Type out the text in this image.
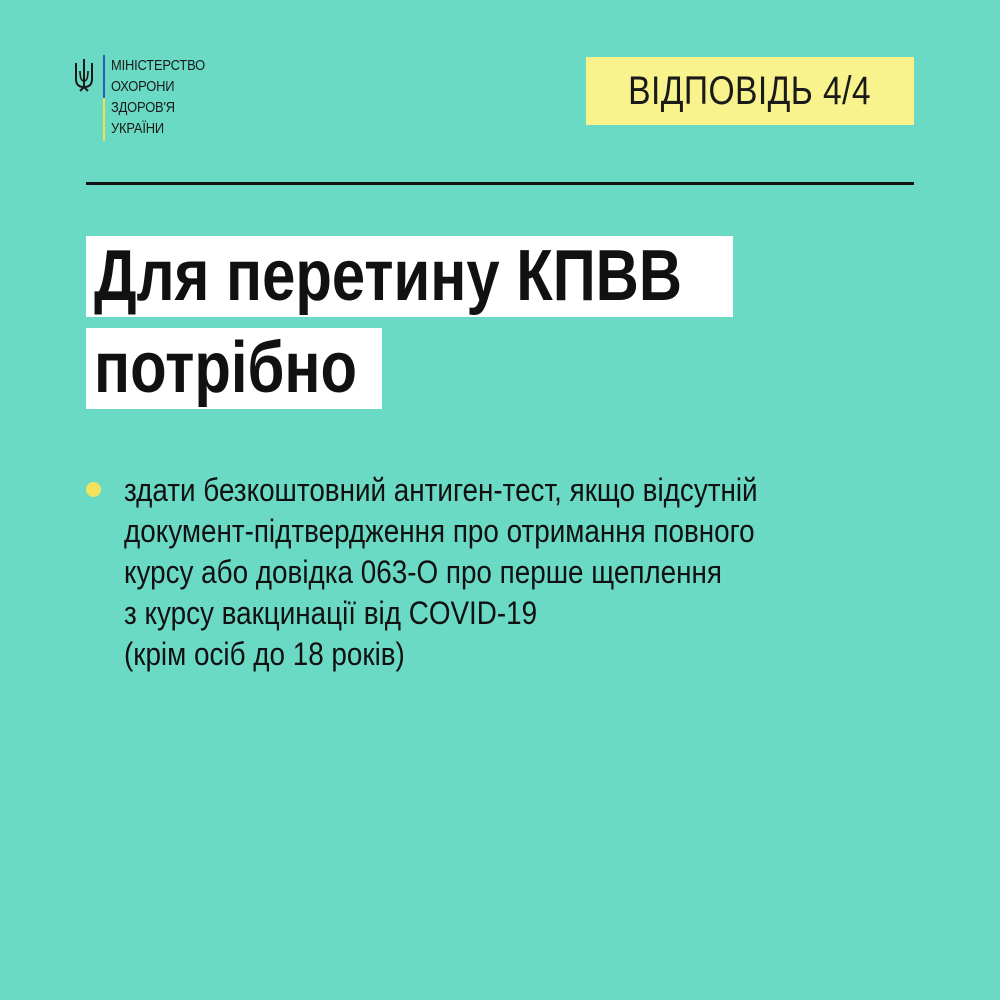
МІНІСТЕРСТВО
ОХОРОНИ
ЗДОРОВ'Я
УКРАЇНИ
ВІДПОВІДЬ 4/4
Для перетину КПВВ
потрібно
здати безкоштовний антиген-тест, якщо відсутній
документ-підтвердження про отримання повного
курсу або довідка 063-О про перше щеплення
з курсу вакцинації від COVID-19
(крім осіб до 18 років)
